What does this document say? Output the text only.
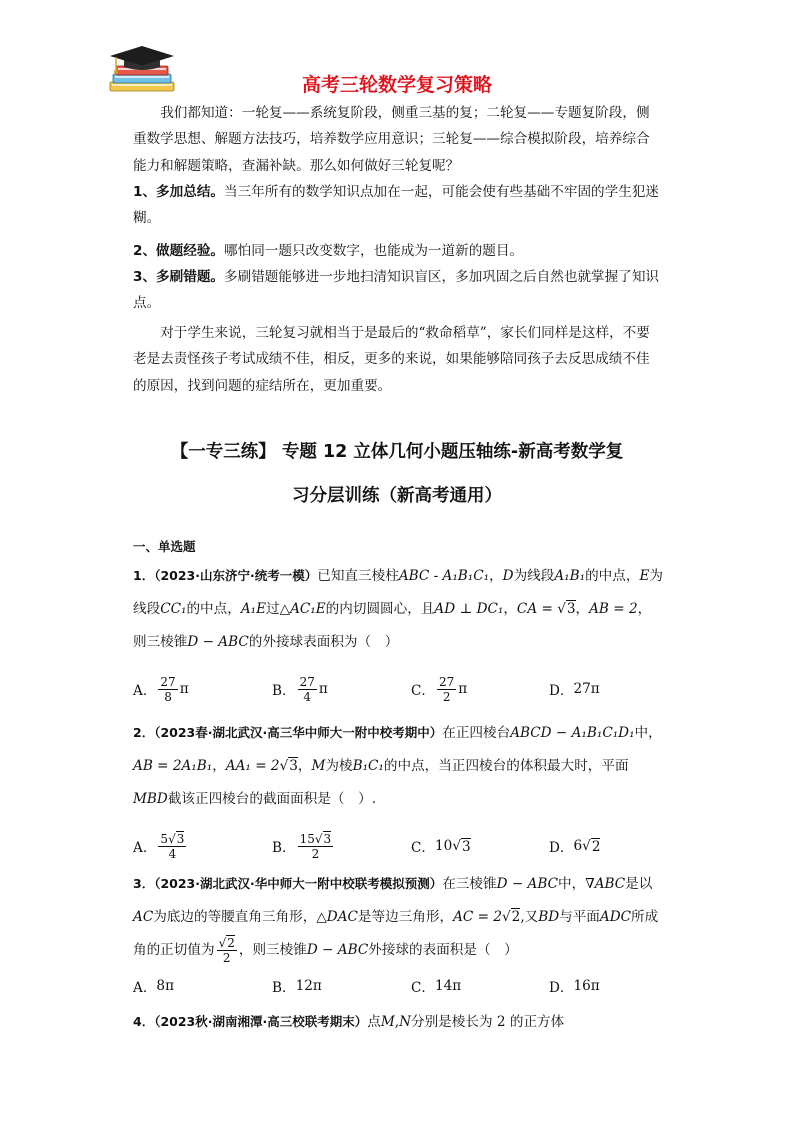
高考三轮数学复习策略
我们都知道：一轮复——系统复阶段，侧重三基的复；二轮复——专题复阶段，侧重数学思想、解题方法技巧，培养数学应用意识；三轮复——综合模拟阶段，培养综合能力和解题策略，查漏补缺。那么如何做好三轮复呢？
1、多加总结。当三年所有的数学知识点加在一起，可能会使有些基础不牢固的学生犯迷糊。
2、做题经验。哪怕同一题只改变数字，也能成为一道新的题目。
3、多刷错题。多刷错题能够进一步地扫清知识盲区，多加巩固之后自然也就掌握了知识点。
对于学生来说，三轮复习就相当于是最后的“救命稻草”，家长们同样是这样，不要老是去责怪孩子考试成绩不佳，相反，更多的来说，如果能够陪同孩子去反思成绩不佳的原因，找到问题的症结所在，更加重要。
【一专三练】 专题 12 立体几何小题压轴练-新高考数学复
习分层训练（新高考通用）
一、单选题
1．（2023·山东济宁·统考一模）已知直三棱柱ABC - A₁B₁C₁，D为线段A₁B₁的中点，E为线段CC₁的中点，A₁E过△AC₁E的内切圆圆心，且AD ⊥ DC₁，CA = √3，AB = 2，则三棱锥D − ABC的外接球表面积为（　）
A． $\frac{27}{8}$ π	B． $\frac{27}{4}$ π	C． $\frac{27}{2}$ π	D． 27π
2．（2023春·湖北武汉·高三华中师大一附中校考期中）在正四棱台ABCD − A₁B₁C₁D₁中，AB = 2A₁B₁，AA₁ = 2√3，M为棱B₁C₁的中点，当正四棱台的体积最大时，平面MBD截该正四棱台的截面面积是（　）.
A． $\frac{5√3}{4}$	B． $\frac{15√3}{2}$	C． 10 √ 3	D． 6 √ 2
3．（2023·湖北武汉·华中师大一附中校联考模拟预测）在三棱锥D − ABC中，∇ABC是以AC为底边的等腰直角三角形，△DAC是等边三角形，AC = 2√2,又BD与平面ADC所成角的正切值为 $\frac{√2}{2}$ ，则三棱锥D − ABC外接球的表面积是（　）
A． 8π	B． 12π	C． 14π	D． 16π
4．（2023秋·湖南湘潭·高三校联考期末）点M,N分别是棱长为 2 的正方体
